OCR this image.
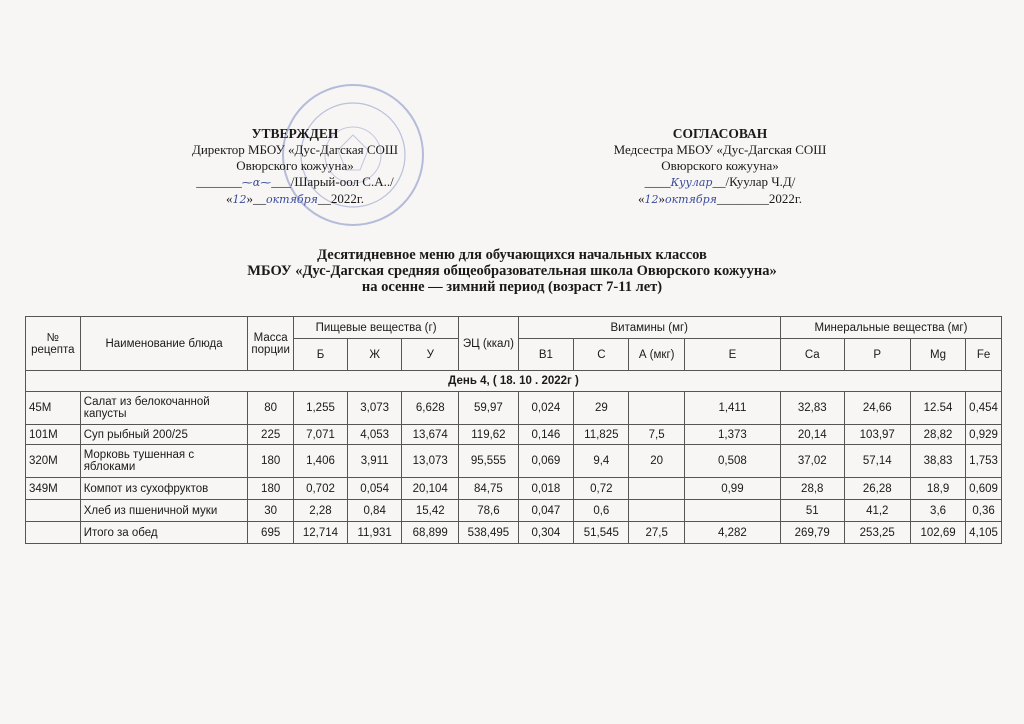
УТВЕРЖДЕН
Директор МБОУ «Дус-Дагская СОШ
Овюрского кожууна»
_______⁓ɑ⁓___/Шарый-оол С.А../
«12»__октября__2022г.
СОГЛАСОВАН
Медсестра МБОУ «Дус-Дагская СОШ
Овюрского кожууна»
____Куулар__/Куулар Ч.Д/
«12»октября________2022г.
Десятидневное меню для обучающихся начальных классов
МБОУ «Дус-Дагская средняя общеобразовательная школа Овюрского кожууна»
на осенне — зимний период (возраст 7-11 лет)
№ рецепта	Наименование блюда	Масса порции	Пищевые вещества (г)			ЭЦ (ккал)	Витамины (мг)				Минеральные вещества (мг)			
			Б	Ж	У		B1	C	А (мкг)	E	Ca	P	Mg	Fe
День 4, ( 18. 10 . 2022г )														
45М	Салат из белокочанной капусты	80	1,255	3,073	6,628	59,97	0,024	29		1,411	32,83	24,66	12.54	0,454
101М	Суп рыбный 200/25	225	7,071	4,053	13,674	119,62	0,146	11,825	7,5	1,373	20,14	103,97	28,82	0,929
320М	Морковь тушенная с яблоками	180	1,406	3,911	13,073	95,555	0,069	9,4	20	0,508	37,02	57,14	38,83	1,753
349М	Компот из сухофруктов	180	0,702	0,054	20,104	84,75	0,018	0,72		0,99	28,8	26,28	18,9	0,609
	Хлеб из пшеничной муки	30	2,28	0,84	15,42	78,6	0,047	0,6			51	41,2	3,6	0,36
	Итого за обед	695	12,714	11,931	68,899	538,495	0,304	51,545	27,5	4,282	269,79	253,25	102,69	4,105
